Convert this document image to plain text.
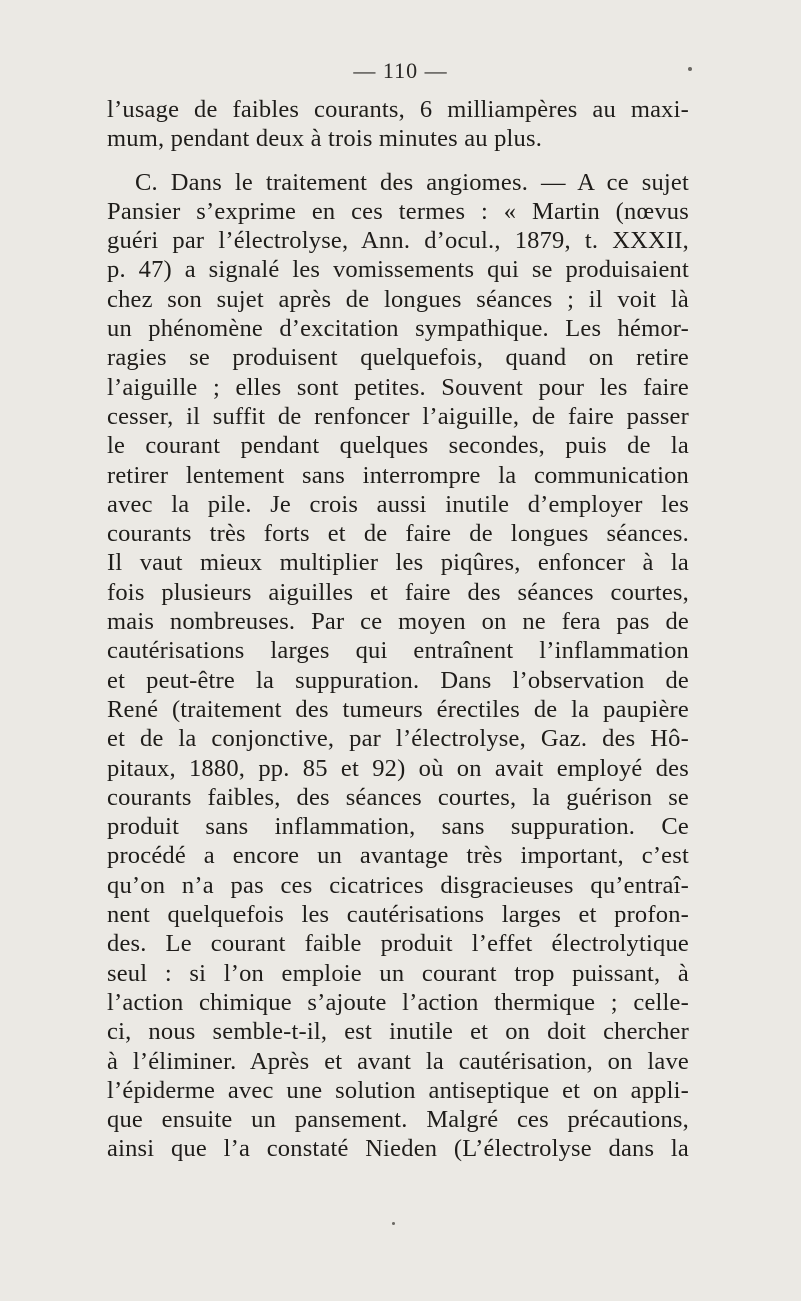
— 110 —
l’usage de faibles courants, 6 milliampères au maxi-
mum, pendant deux à trois minutes au plus.
C. Dans le traitement des angiomes. — A ce sujet
Pansier s’exprime en ces termes : « Martin (nœvus
guéri par l’électrolyse, Ann. d’ocul., 1879, t. XXXII,
p. 47) a signalé les vomissements qui se produisaient
chez son sujet après de longues séances ; il voit là
un phénomène d’excitation sympathique. Les hémor-
ragies se produisent quelquefois, quand on retire
l’aiguille ; elles sont petites. Souvent pour les faire
cesser, il suffit de renfoncer l’aiguille, de faire passer
le courant pendant quelques secondes, puis de la
retirer lentement sans interrompre la communication
avec la pile. Je crois aussi inutile d’employer les
courants très forts et de faire de longues séances.
Il vaut mieux multiplier les piqûres, enfoncer à la
fois plusieurs aiguilles et faire des séances courtes,
mais nombreuses. Par ce moyen on ne fera pas de
cautérisations larges qui entraînent l’inflammation
et peut-être la suppuration. Dans l’observation de
René (traitement des tumeurs érectiles de la paupière
et de la conjonctive, par l’électrolyse, Gaz. des Hô-
pitaux, 1880, pp. 85 et 92) où on avait employé des
courants faibles, des séances courtes, la guérison se
produit sans inflammation, sans suppuration. Ce
procédé a encore un avantage très important, c’est
qu’on n’a pas ces cicatrices disgracieuses qu’entraî-
nent quelquefois les cautérisations larges et profon-
des. Le courant faible produit l’effet électrolytique
seul : si l’on emploie un courant trop puissant, à
l’action chimique s’ajoute l’action thermique ; celle-
ci, nous semble-t-il, est inutile et on doit chercher
à l’éliminer. Après et avant la cautérisation, on lave
l’épiderme avec une solution antiseptique et on appli-
que ensuite un pansement. Malgré ces précautions,
ainsi que l’a constaté Nieden (L’électrolyse dans la
